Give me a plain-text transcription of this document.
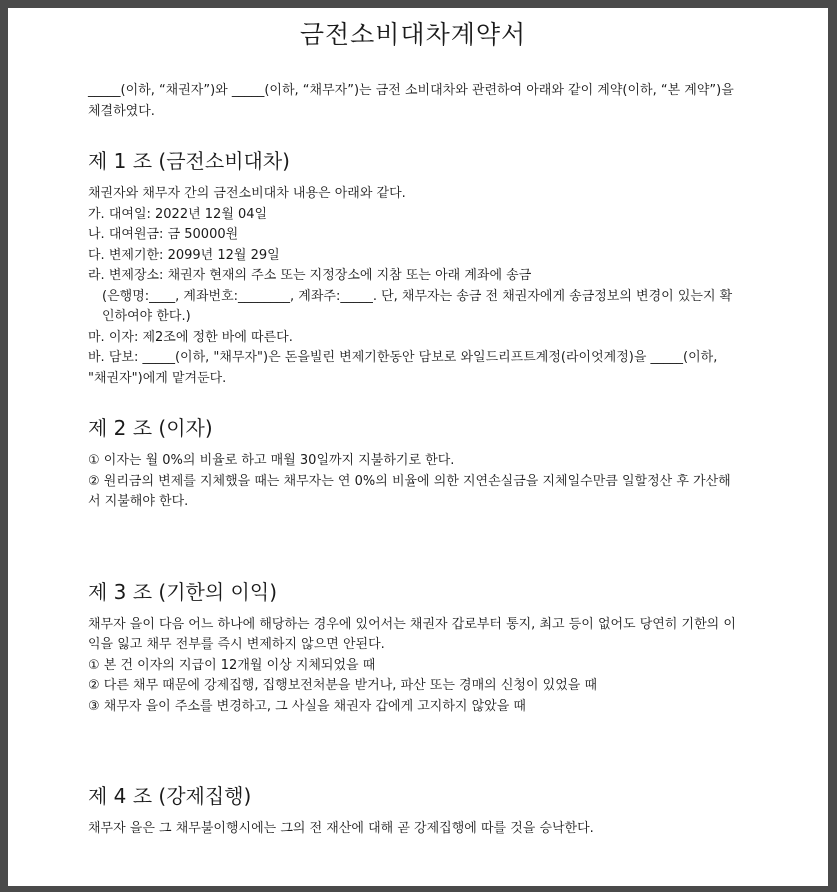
금전소비대차계약서

_____(이하, “채권자”)와 _____(이하, “채무자”)는 금전 소비대차와 관련하여 아래와 같이 계약(이하, “본 계약”)을 체결하였다.

제 1 조 (금전소비대차)

채권자와 채무자 간의 금전소비대차 내용은 아래와 같다.

가. 대여일: 2022년 12월 04일

나. 대여원금: 금 50000원

다. 변제기한: 2099년 12월 29일

라. 변제장소: 채권자 현재의 주소 또는 지정장소에 지참 또는 아래 계좌에 송금

(은행명:____, 계좌번호:________, 계좌주:_____. 단, 채무자는 송금 전 채권자에게 송금정보의 변경이 있는지 확인하여야 한다.)

마. 이자: 제2조에 정한 바에 따른다.

바. 담보: _____(이하, "채무자")은 돈을빌린 변제기한동안 담보로 와일드리프트계정(라이엇계정)을 _____(이하, "채권자")에게 맡겨둔다.

제 2 조 (이자)

① 이자는 월 0%의 비율로 하고 매월 30일까지 지불하기로 한다.

② 원리금의 변제를 지체했을 때는 채무자는 연 0%의 비율에 의한 지연손실금을 지체일수만큼 일할정산 후 가산해서 지불해야 한다.

제 3 조 (기한의 이익)

채무자 을이 다음 어느 하나에 해당하는 경우에 있어서는 채권자 갑로부터 통지, 최고 등이 없어도 당연히 기한의 이익을 잃고 채무 전부를 즉시 변제하지 않으면 안된다.

① 본 건 이자의 지급이 12개월 이상 지체되었을 때

② 다른 채무 때문에 강제집행, 집행보전처분을 받거나, 파산 또는 경매의 신청이 있었을 때

③ 채무자 을이 주소를 변경하고, 그 사실을 채권자 갑에게 고지하지 않았을 때

제 4 조 (강제집행)

채무자 을은 그 채무불이행시에는 그의 전 재산에 대해 곧 강제집행에 따를 것을 승낙한다.
